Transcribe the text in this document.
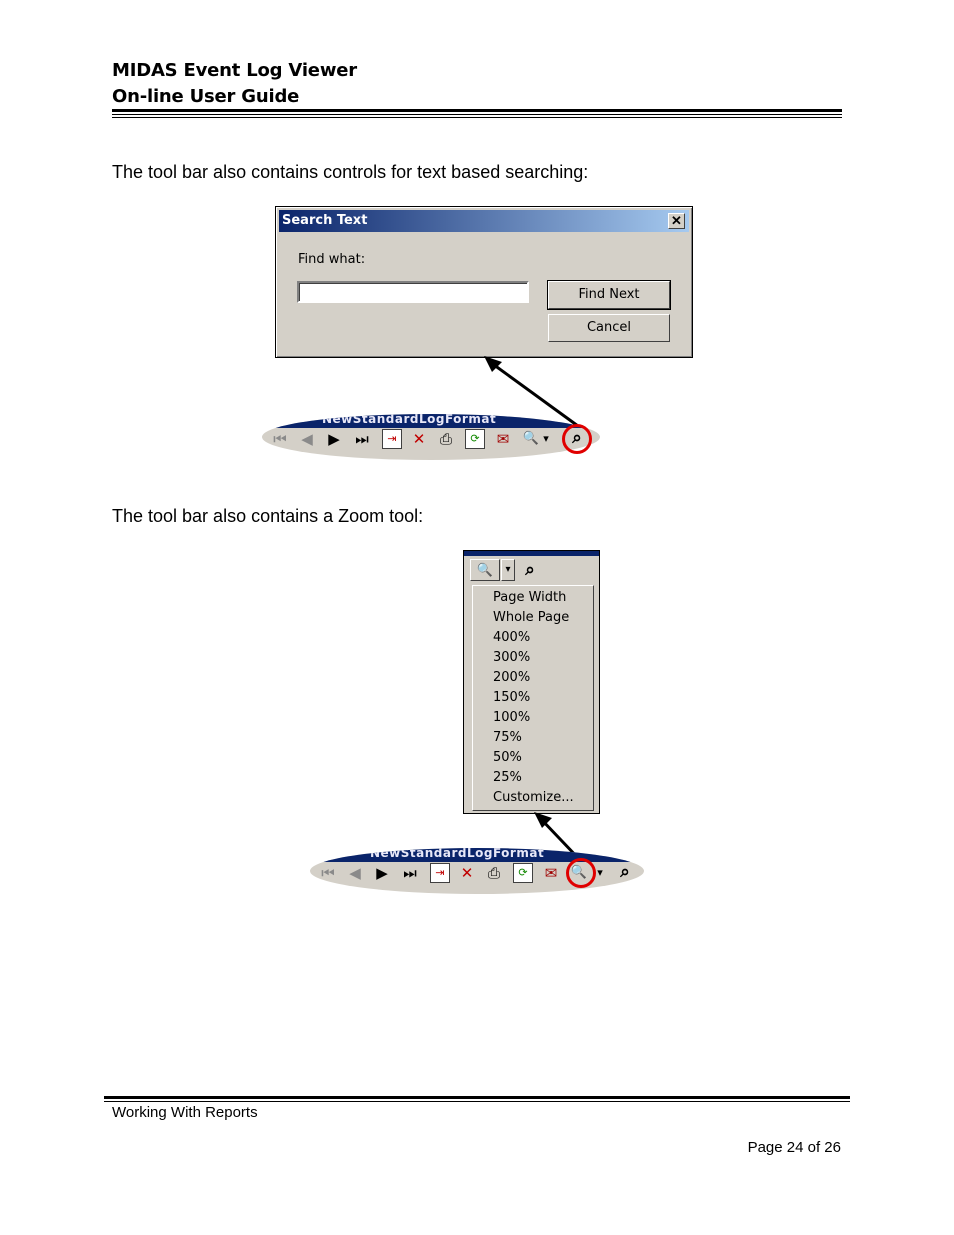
MIDAS Event Log Viewer
On-line User Guide
The tool bar also contains controls for text based searching:
Search Text	✕
Find what:
Find Next
Cancel
NewStandardLogFormat
⏮ ◀ ▶ ⏭	⇥	✕ ⎙	⟳	✉ 🔍 ▾	⌕
The tool bar also contains a Zoom tool:
🔍	▾ ⌕
Page Width
Whole Page
400%
300%
200%
150%
100%
75%
50%
25%
Customize...
NewStandardLogFormat
⏮ ◀ ▶ ⏭	⇥	✕ ⎙	⟳	✉ 🔍 ▾	⌕
Working With Reports
Page 24 of 26
